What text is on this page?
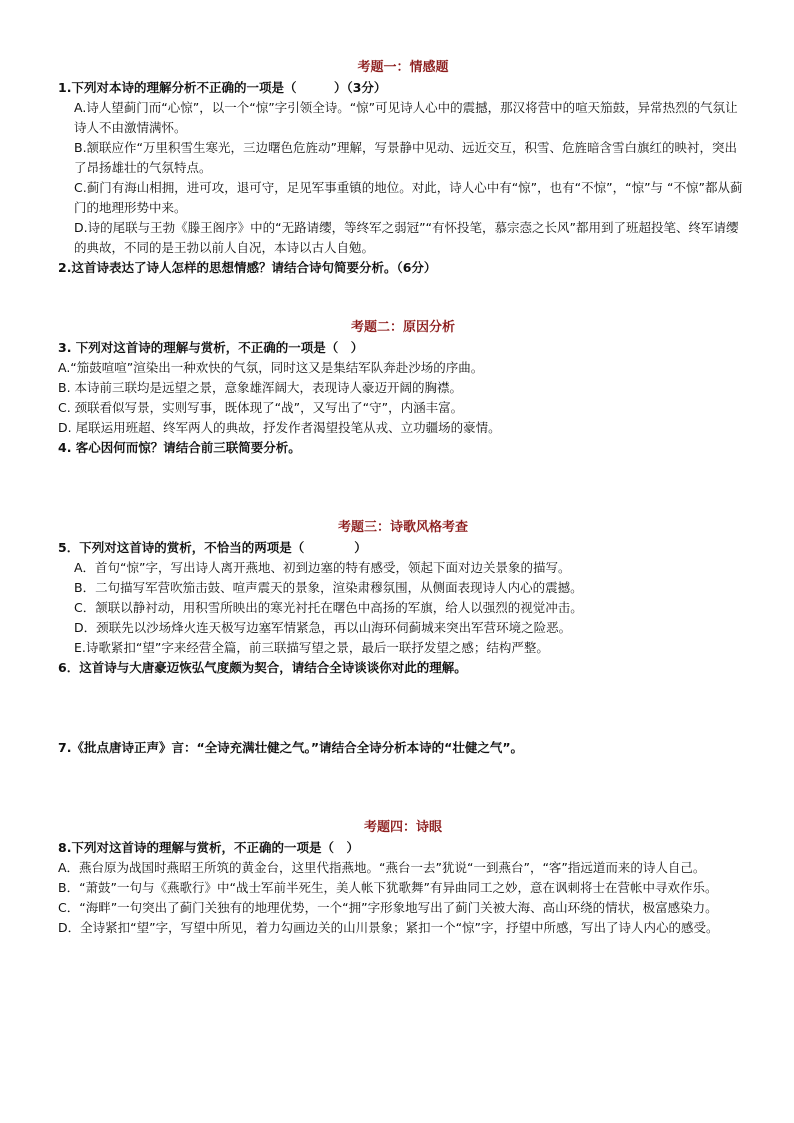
考题一：情感题

1.下列对本诗的理解分析不正确的一项是（　　　）（3分）

A.诗人望蓟门而“心惊”，以一个“惊”字引领全诗。“惊”可见诗人心中的震撼，那汉将营中的喧天笳鼓，异常热烈的气氛让诗人不由激情满怀。

B.颔联应作“万里积雪生寒光，三边曙色危旌动”理解，写景静中见动、远近交互，积雪、危旌暗含雪白旗红的映衬，突出了昂扬雄壮的气氛特点。

C.蓟门有海山相拥，进可攻，退可守，足见军事重镇的地位。对此，诗人心中有“惊”，也有“不惊”，“惊”与 “不惊”都从蓟门的地理形势中来。

D.诗的尾联与王勃《滕王阁序》中的“无路请缨，等终军之弱冠”“有怀投笔，慕宗悫之长风”都用到了班超投笔、终军请缨的典故，不同的是王勃以前人自况，本诗以古人自勉。

2.这首诗表达了诗人怎样的思想情感？请结合诗句简要分析。（6分）

考题二：原因分析

3. 下列对这首诗的理解与赏析，不正确的一项是（　）

A.“笳鼓喧喧”渲染出一种欢快的气氛，同时这又是集结军队奔赴沙场的序曲。

B. 本诗前三联均是远望之景，意象雄浑阔大，表现诗人豪迈开阔的胸襟。

C. 颈联看似写景，实则写事，既体现了“战”，又写出了“守”，内涵丰富。

D. 尾联运用班超、终军两人的典故，抒发作者渴望投笔从戎、立功疆场的豪情。

4. 客心因何而惊？请结合前三联简要分析。

考题三：诗歌风格考查

5．下列对这首诗的赏析，不恰当的两项是（　　　　）

A．首句“惊”字，写出诗人离开燕地、初到边塞的特有感受，领起下面对边关景象的描写。

B．二句描写军营吹笳击鼓、喧声震天的景象，渲染肃穆氛围，从侧面表现诗人内心的震撼。

C．颔联以静衬动，用积雪所映出的寒光衬托在曙色中高扬的军旗，给人以强烈的视觉冲击。

D．颈联先以沙场烽火连天极写边塞军情紧急，再以山海环伺蓟城来突出军营环境之险恶。

E.诗歌紧扣“望”字来经营全篇，前三联描写望之景，最后一联抒发望之感；结构严整。

6．这首诗与大唐豪迈恢弘气度颇为契合，请结合全诗谈谈你对此的理解。

7.《批点唐诗正声》言：“全诗充满壮健之气。”请结合全诗分析本诗的“壮健之气”。

考题四：诗眼

8.下列对这首诗的理解与赏析，不正确的一项是（　）

A．燕台原为战国时燕昭王所筑的黄金台，这里代指燕地。“燕台一去”犹说“一到燕台”，“客”指远道而来的诗人自己。

B．“萧鼓”一句与《燕歌行》中“战士军前半死生，美人帐下犹歌舞”有异曲同工之妙，意在讽刺将士在营帐中寻欢作乐。

C．“海畔”一句突出了蓟门关独有的地理优势，一个“拥”字形象地写出了蓟门关被大海、高山环绕的情状，极富感染力。

D．全诗紧扣“望”字，写望中所见，着力勾画边关的山川景象；紧扣一个“惊”字，抒望中所感，写出了诗人内心的感受。
